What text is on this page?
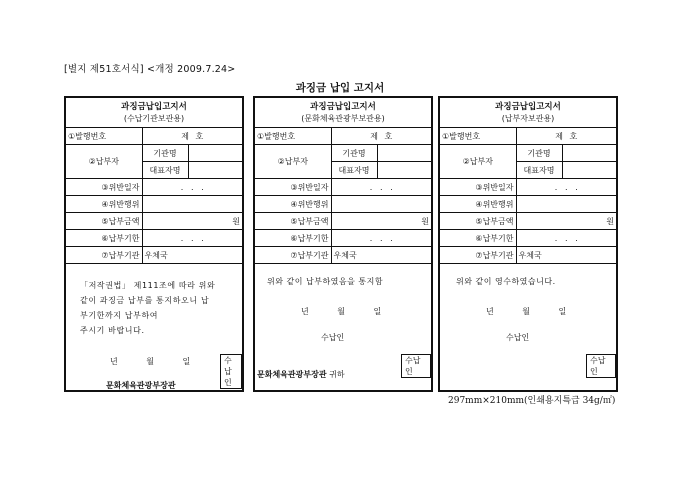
[별지 제51호서식] <개정 2009.7.24>
과징금 납입 고지서
과징금납입고지서
(수납기관보관용)
①발행번호	제 호	
②납부자	기관명	
	대표자명	
③위반일자	.   .   .	
④위반행위		
⑤납부금액	원	
⑥납부기한	.   .   .	
⑦납부기관	우체국	
「저작권법」 제111조에 따라 위와
같이 과징금 납부를 통지하오니 납
부기한까지 납부하여
주시기 바랍니다.
년 월 일	수납인
문화체육관광부장관
과징금납입고지서
(문화체육관광부보관용)
①발행번호	제 호	
②납부자	기관명	
	대표자명	
③위반일자	.   .   .	
④위반행위		
⑤납부금액	원	
⑥납부기한	.   .   .	
⑦납부기관	우체국	
위와 같이 납부하였음을 통지함
년 월 일
수납인
수납인
문화체육관광부장관 귀하
과징금납입고지서
(납부자보관용)
①발행번호	제 호	
②납부자	기관명	
	대표자명	
③위반일자	.   .   .	
④위반행위		
⑤납부금액	원	
⑥납부기한	.   .   .	
⑦납부기관	우체국	
위와 같이 영수하였습니다.
년 월 일
수납인
수납인
297mm×210mm(인쇄용지특급 34g/㎡)
